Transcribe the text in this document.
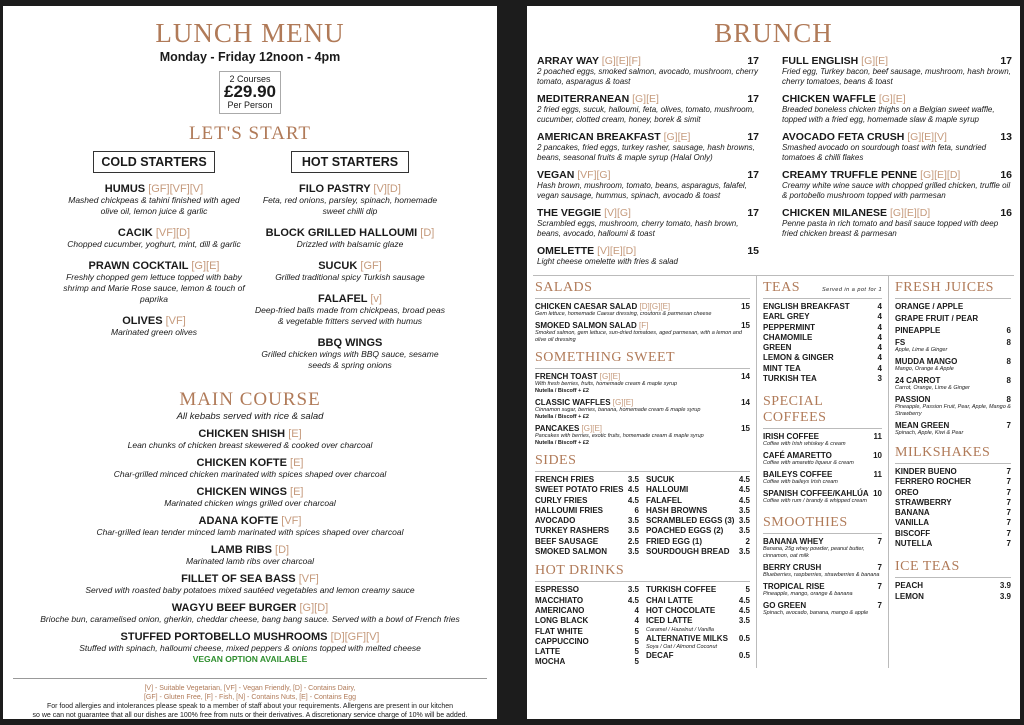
LUNCH MENU
Monday - Friday 12noon - 4pm
2 Courses
£29.90
Per Person
LET'S START
COLD STARTERS
HUMUS [GF][VF][V]
Mashed chickpeas & tahini finished with aged olive oil, lemon juice & garlic
CACIK [VF][D]
Chopped cucumber, yoghurt, mint, dill & garlic
PRAWN COCKTAIL [G][E]
Freshly chopped gem lettuce topped with baby shrimp and Marie Rose sauce, lemon & touch of paprika
OLIVES [VF]
Marinated green olives
HOT STARTERS
FILO PASTRY [V][D]
Feta, red onions, parsley, spinach, homemade sweet chilli dip
BLOCK GRILLED HALLOUMI [D]
Drizzled with balsamic glaze
SUCUK [GF]
Grilled traditional spicy Turkish sausage
FALAFEL [v]
Deep-fried balls made from chickpeas, broad peas & vegetable fritters served with humus
BBQ WINGS
Grilled chicken wings with BBQ sauce, sesame seeds & spring onions
MAIN COURSE
All kebabs served with rice & salad
CHICKEN SHISH [E]
Lean chunks of chicken breast skewered & cooked over charcoal
CHICKEN KOFTE [E]
Char-grilled minced chicken marinated with spices shaped over charcoal
CHICKEN WINGS [E]
Marinated chicken wings grilled over charcoal
ADANA KOFTE [VF]
Char-grilled lean tender minced lamb marinated with spices shaped over charcoal
LAMB RIBS [D]
Marinated lamb ribs over charcoal
FILLET OF SEA BASS [VF]
Served with roasted baby potatoes mixed sautéed vegetables and lemon creamy sauce
WAGYU BEEF BURGER [G][D]
Brioche bun, caramelised onion, gherkin, cheddar cheese, bang bang sauce. Served with a bowl of French fries
STUFFED PORTOBELLO MUSHROOMS [D][GF][V]
Stuffed with spinach, halloumi cheese, mixed peppers & onions topped with melted cheese
VEGAN OPTION AVAILABLE
[V] - Suitable Vegetarian, [VF] - Vegan Friendly, [D] - Contains Dairy,
[GF] - Gluten Free, [F] - Fish, [N] - Contains Nuts, [E] - Contains Egg
For food allergies and intolerances please speak to a member of staff about your requirements. Allergens are present in our kitchen
so we can not guarantee that all our dishes are 100% free from nuts or their derivatives. A discretionary service charge of 10% will be added.
BRUNCH
ARRAY WAY [G][E][F]	17
2 poached eggs, smoked salmon, avocado, mushroom, cherry tomato, asparagus & toast
MEDITERRANEAN [G][E]	17
2 fried eggs, sucuk, halloumi, feta, olives, tomato, mushroom, cucumber, clotted cream, honey, borek & simit
AMERICAN BREAKFAST [G][E]	17
2 pancakes, fried eggs, turkey rasher, sausage, hash browns, beans, seasonal fruits & maple syrup (Halal Only)
VEGAN [VF][G]	17
Hash brown, mushroom, tomato, beans, asparagus, falafel, vegan sausage, hummus, spinach, avocado & toast
THE VEGGIE [V][G]	17
Scrambled eggs, mushroom, cherry tomato, hash brown, beans, avocado, halloumi & toast
OMELETTE [V][E][D]	15
Light cheese omelette with fries & salad
FULL ENGLISH [G][E]	17
Fried egg, Turkey bacon, beef sausage, mushroom, hash brown, cherry tomatoes, beans & toast
CHICKEN WAFFLE [G][E]
Breaded boneless chicken thighs on a Belgian sweet waffle, topped with a fried egg, homemade slaw & maple syrup
AVOCADO FETA CRUSH [G][E][V]	13
Smashed avocado on sourdough toast with feta, sundried tomatoes & chilli flakes
CREAMY TRUFFLE PENNE [G][E][D]	16
Creamy white wine sauce with chopped grilled chicken, truffle oil & portobello mushroom topped with parmesan
CHICKEN MILANESE [G][E][D]	16
Penne pasta in rich tomato and basil sauce topped with deep fried chicken breast & parmesan
SALADS
CHICKEN CAESAR SALAD [D][G][E]	15
Gem lettuce, homemade Caesar dressing, croutons & parmesan cheese
SMOKED SALMON SALAD [F]	15
Smoked salmon, gem lettuce, sun-dried tomatoes, aged parmesan, with a lemon and olive oil dressing
SOMETHING SWEET
FRENCH TOAST [G][E]	14
With fresh berries, fruits, homemade cream & maple syrup
Nutella / Biscoff + £2
CLASSIC WAFFLES [G][E]	14
Cinnamon sugar, berries, banana, homemade cream & maple syrup
Nutella / Biscoff + £2
PANCAKES [G][E]	15
Pancakes with berries, exotic fruits, homemade cream & maple syrup
Nutella / Biscoff + £2
SIDES
FRENCH FRIES	3.5
SWEET POTATO FRIES 4.5
CURLY FRIES	4.5
HALLOUMI FRIES	6
AVOCADO	3.5
TURKEY RASHERS 3.5
BEEF SAUSAGE	2.5
SMOKED SALMON	3.5
SUCUK	4.5
HALLOUMI	4.5
FALAFEL	4.5
HASH BROWNS	3.5
SCRAMBLED EGGS (3) 3.5
POACHED EGGS (2) 3.5
FRIED EGG (1)	2
SOURDOUGH BREAD 3.5
HOT DRINKS
ESPRESSO	3.5
MACCHIATO	4.5
AMERICANO	4
LONG BLACK	4
FLAT WHITE	5
CAPPUCCINO	5
LATTE	5
MOCHA	5
TURKISH COFFEE	5
CHAI LATTE	4.5
HOT CHOCOLATE	4.5
ICED LATTE	3.5
Caramel / Hazelnut / Vanilla
ALTERNATIVE MILKS 0.5
Soya / Oat / Almond Coconut
DECAF	0.5
TEAS	Served in a pot for 1
ENGLISH BREAKFAST	4
EARL GREY	4
PEPPERMINT	4
CHAMOMILE	4
GREEN	4
LEMON & GINGER	4
MINT TEA	4
TURKISH TEA	3
SPECIAL COFFEES
IRISH COFFEE	11
Coffee with Irish whiskey & cream
CAFÉ AMARETTO	10
Coffee with amaretto liqueur & cream
BAILEYS COFFEE	11
Coffee with baileys Irish cream
SPANISH COFFEE/KAHLÚA 10
Coffee with rum / brandy & whipped cream
SMOOTHIES
BANANA WHEY	7
Banana, 25g whey powder, peanut butter, cinnamon, oat milk
BERRY CRUSH	7
Blueberries, raspberries, strawberries & banana
TROPICAL RISE	7
Pineapple, mango, orange & banana
GO GREEN	7
Spinach, avocado, banana, mango & apple
FRESH JUICES
ORANGE / APPLE
GRAPE FRUIT / PEAR
PINEAPPLE	6
FS	8
Apple, Lime & Ginger
MUDDA MANGO	8
Mango, Orange & Apple
24 CARROT	8
Carrot, Orange, Lime & Ginger
PASSION	8
Pineapple, Passion Fruit, Pear, Apple, Mango & Strawberry
MEAN GREEN	7
Spinach, Apple, Kiwi & Pear
MILKSHAKES
KINDER BUENO	7
FERRERO ROCHER	7
OREO	7
STRAWBERRY	7
BANANA	7
VANILLA	7
BISCOFF	7
NUTELLA	7
ICE TEAS
PEACH	3.9
LEMON	3.9
